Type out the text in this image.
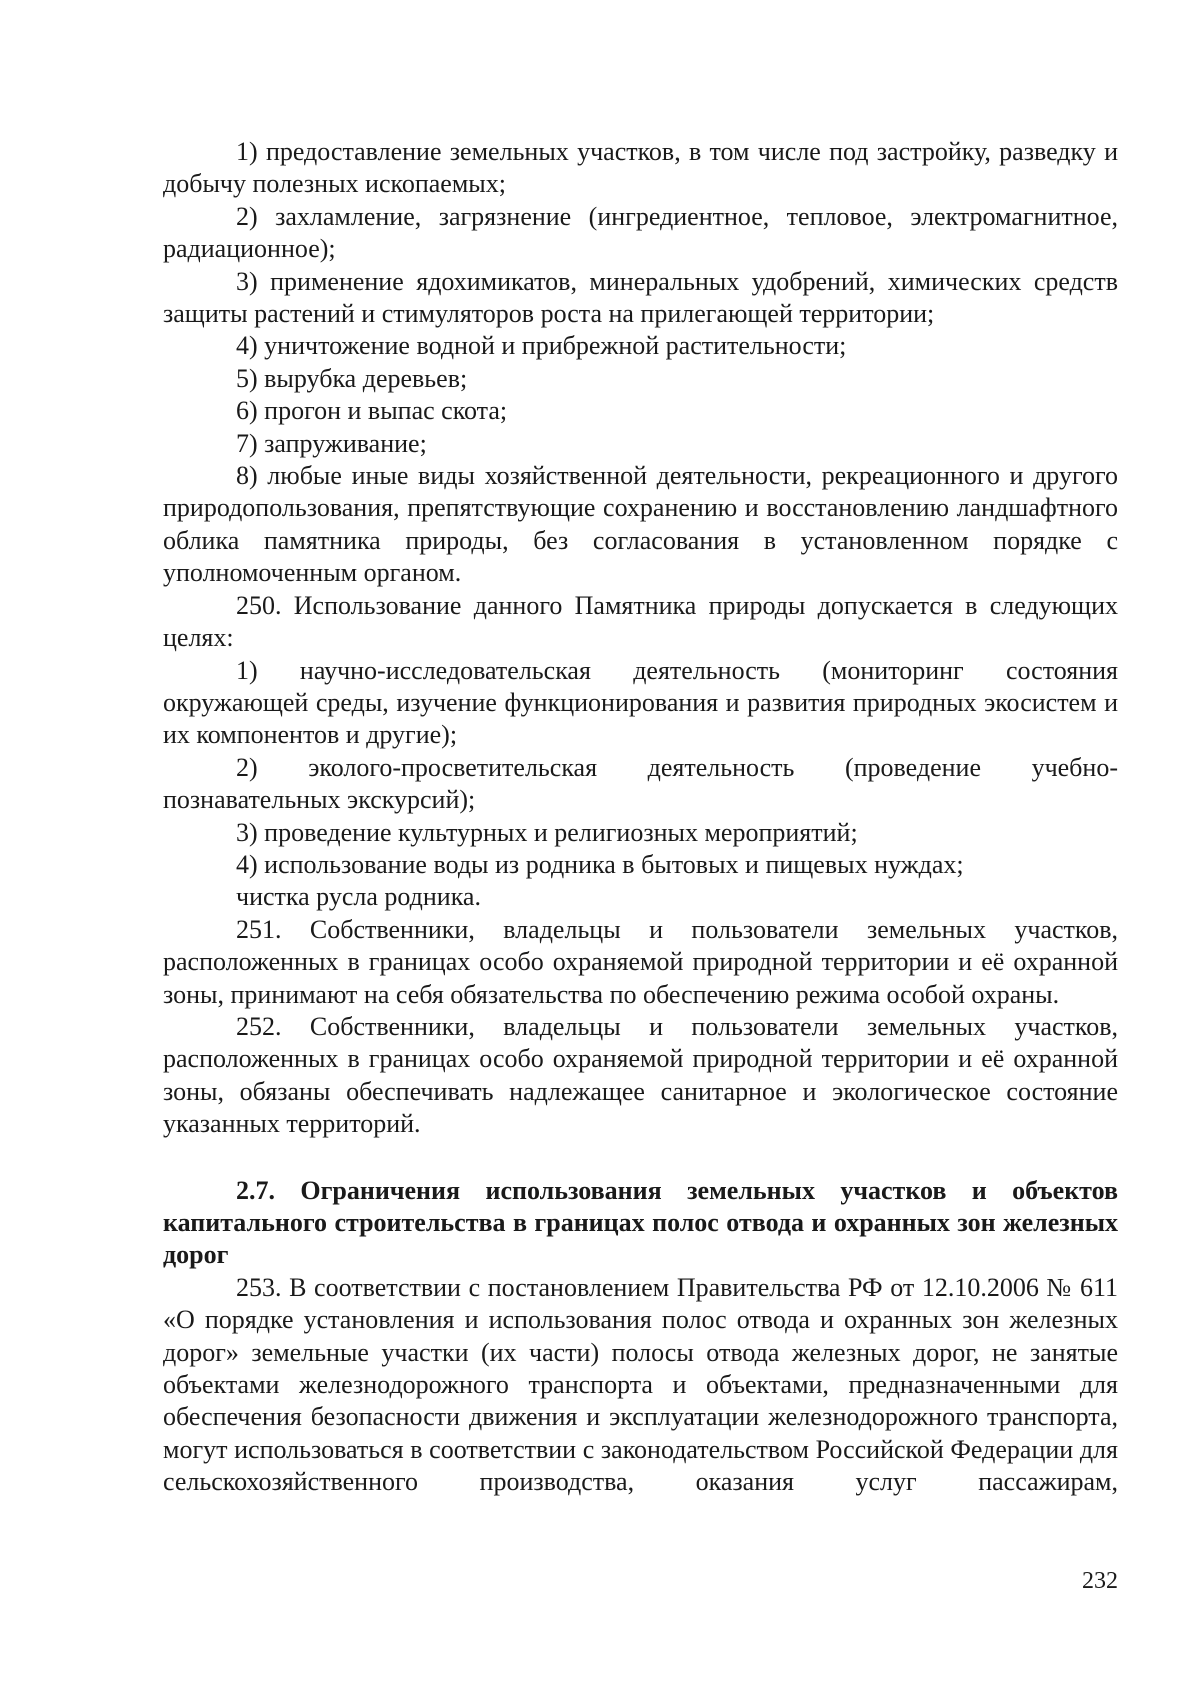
1) предоставление земельных участков, в том числе под застройку, разведку и добычу полезных ископаемых;

2) захламление, загрязнение (ингредиентное, тепловое, электромагнитное, радиационное);

3) применение ядохимикатов, минеральных удобрений, химических средств защиты растений и стимуляторов роста на прилегающей территории;

4) уничтожение водной и прибрежной растительности;

5) вырубка деревьев;

6) прогон и выпас скота;

7) запруживание;

8) любые иные виды хозяйственной деятельности, рекреационного и другого природопользования, препятствующие сохранению и восстановлению ландшафтного облика памятника природы, без согласования в установленном порядке с уполномоченным органом.

250. Использование данного Памятника природы допускается в следующих целях:

1) научно-исследовательская деятельность (мониторинг состояния окружающей среды, изучение функционирования и развития природных экосистем и их компонентов и другие);

2) эколого-просветительская деятельность (проведение учебно-познавательных экскурсий);

3) проведение культурных и религиозных мероприятий;

4) использование воды из родника в бытовых и пищевых нуждах;

чистка русла родника.

251. Собственники, владельцы и пользователи земельных участков, расположенных в границах особо охраняемой природной территории и её охранной зоны, принимают на себя обязательства по обеспечению режима особой охраны.

252. Собственники, владельцы и пользователи земельных участков, расположенных в границах особо охраняемой природной территории и её охранной зоны, обязаны обеспечивать надлежащее санитарное и экологическое состояние указанных территорий.

2.7. Ограничения использования земельных участков и объектов капитального строительства в границах полос отвода и охранных зон железных дорог

253. В соответствии с постановлением Правительства РФ от 12.10.2006 № 611 «О порядке установления и использования полос отвода и охранных зон железных дорог» земельные участки (их части) полосы отвода железных дорог, не занятые объектами железнодорожного транспорта и объектами, предназначенными для обеспечения безопасности движения и эксплуатации железнодорожного транспорта, могут использоваться в соответствии с законодательством Российской Федерации для сельскохозяйственного производства, оказания услуг пассажирам,

232
